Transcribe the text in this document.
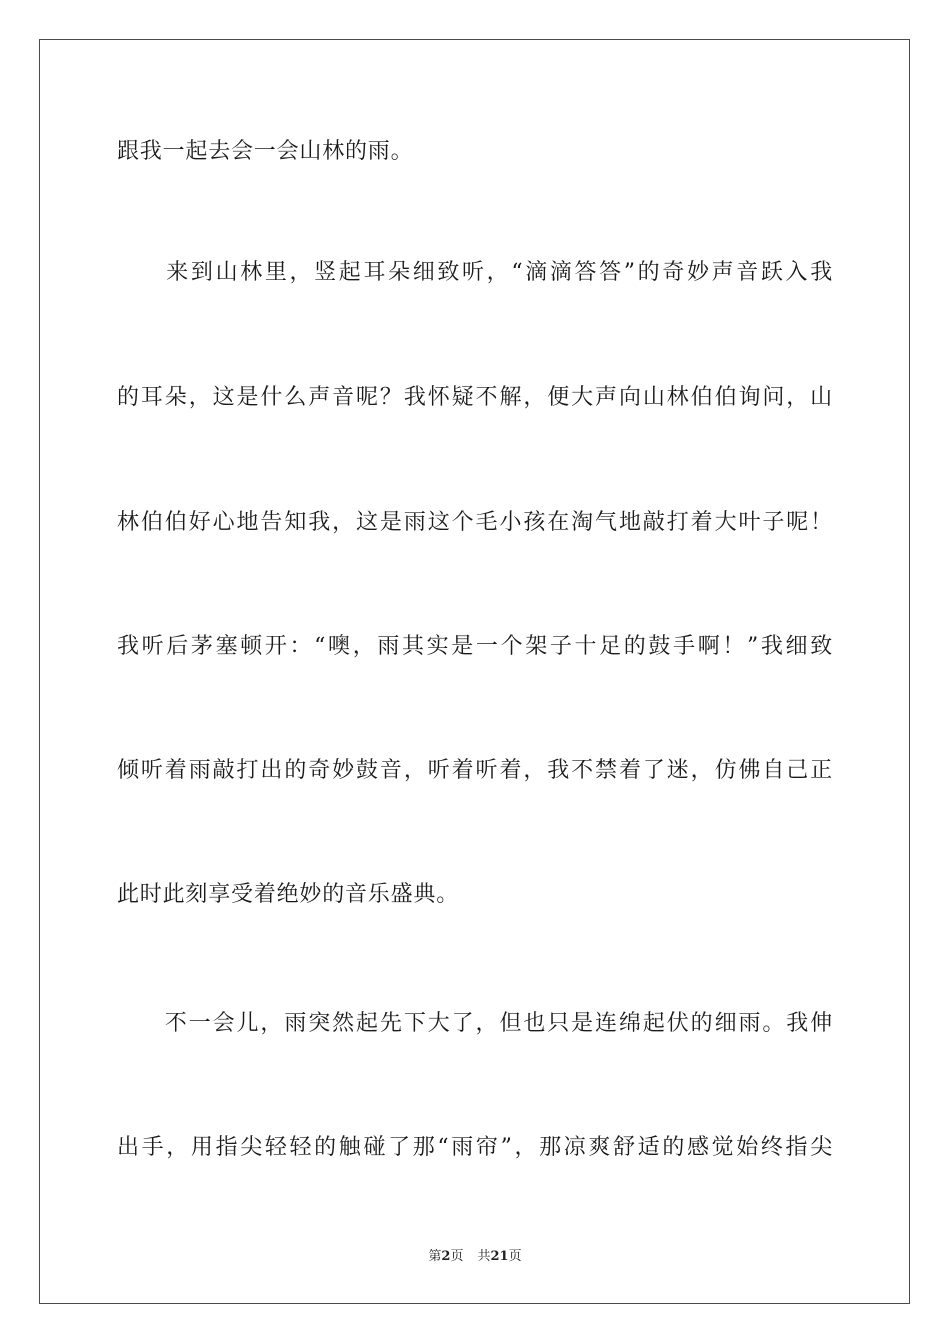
跟我一起去会一会山林的雨。
　　来到山林里，竖起耳朵细致听，“滴滴答答”的奇妙声音跃入我
的耳朵，这是什么声音呢？我怀疑不解，便大声向山林伯伯询问，山
林伯伯好心地告知我，这是雨这个毛小孩在淘气地敲打着大叶子呢！
我听后茅塞顿开：“噢，雨其实是一个架子十足的鼓手啊！”我细致
倾听着雨敲打出的奇妙鼓音，听着听着，我不禁着了迷，仿佛自己正
此时此刻享受着绝妙的音乐盛典。
　　不一会儿，雨突然起先下大了，但也只是连绵起伏的细雨。我伸
出手，用指尖轻轻的触碰了那“雨帘”，那凉爽舒适的感觉始终指尖
第2页 共21页
